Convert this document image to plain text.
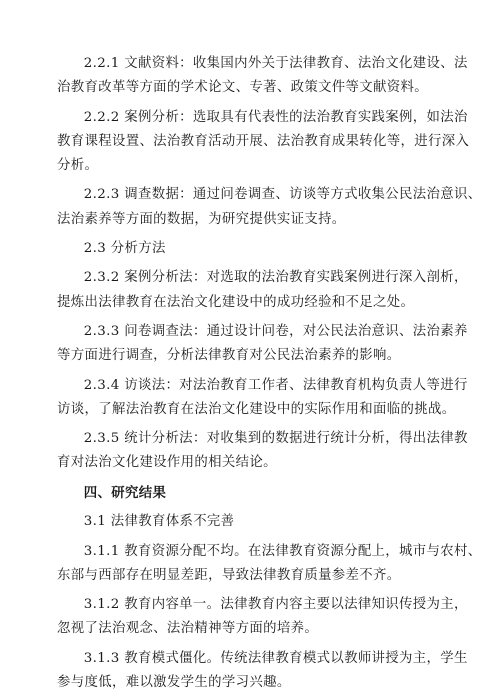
2.2.1 文献资料：收集国内外关于法律教育、法治文化建设、法
治教育改革等方面的学术论文、专著、政策文件等文献资料。
2.2.2 案例分析：选取具有代表性的法治教育实践案例，如法治
教育课程设置、法治教育活动开展、法治教育成果转化等，进行深入
分析。
2.2.3 调查数据：通过问卷调查、访谈等方式收集公民法治意识、
法治素养等方面的数据，为研究提供实证支持。
2.3 分析方法
2.3.2 案例分析法：对选取的法治教育实践案例进行深入剖析，
提炼出法律教育在法治文化建设中的成功经验和不足之处。
2.3.3 问卷调查法：通过设计问卷，对公民法治意识、法治素养
等方面进行调查，分析法律教育对公民法治素养的影响。
2.3.4 访谈法：对法治教育工作者、法律教育机构负责人等进行
访谈，了解法治教育在法治文化建设中的实际作用和面临的挑战。
2.3.5 统计分析法：对收集到的数据进行统计分析，得出法律教
育对法治文化建设作用的相关结论。
四、研究结果
3.1 法律教育体系不完善
3.1.1 教育资源分配不均。在法律教育资源分配上，城市与农村、
东部与西部存在明显差距，导致法律教育质量参差不齐。
3.1.2 教育内容单一。法律教育内容主要以法律知识传授为主，
忽视了法治观念、法治精神等方面的培养。
3.1.3 教育模式僵化。传统法律教育模式以教师讲授为主，学生
参与度低，难以激发学生的学习兴趣。
